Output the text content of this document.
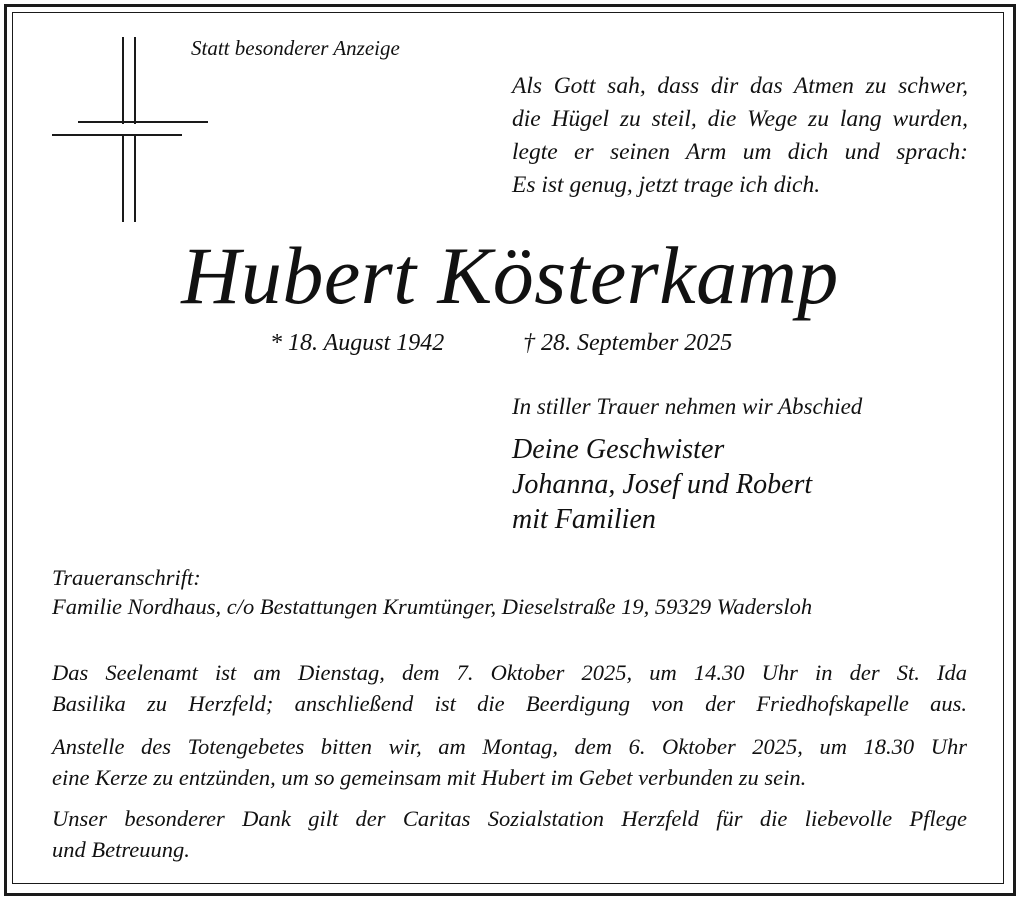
Statt besonderer Anzeige
Als Gott sah, dass dir das Atmen zu schwer,
die Hügel zu steil, die Wege zu lang wurden,
legte er seinen Arm um dich und sprach:
Es ist genug, jetzt trage ich dich.
Hubert Kösterkamp
* 18. August 1942	† 28. September 2025
In stiller Trauer nehmen wir Abschied
Deine Geschwister
Johanna, Josef und Robert
mit Familien
Traueranschrift:
Familie Nordhaus, c/o Bestattungen Krumtünger, Dieselstraße 19, 59329 Wadersloh
Das Seelenamt ist am Dienstag, dem 7. Oktober 2025, um 14.30 Uhr in der St. Ida
Basilika zu Herzfeld; anschließend ist die Beerdigung von der Friedhofskapelle aus.
Anstelle des Totengebetes bitten wir, am Montag, dem 6. Oktober 2025, um 18.30 Uhr
eine Kerze zu entzünden, um so gemeinsam mit Hubert im Gebet verbunden zu sein.
Unser besonderer Dank gilt der Caritas Sozialstation Herzfeld für die liebevolle Pflege
und Betreuung.
